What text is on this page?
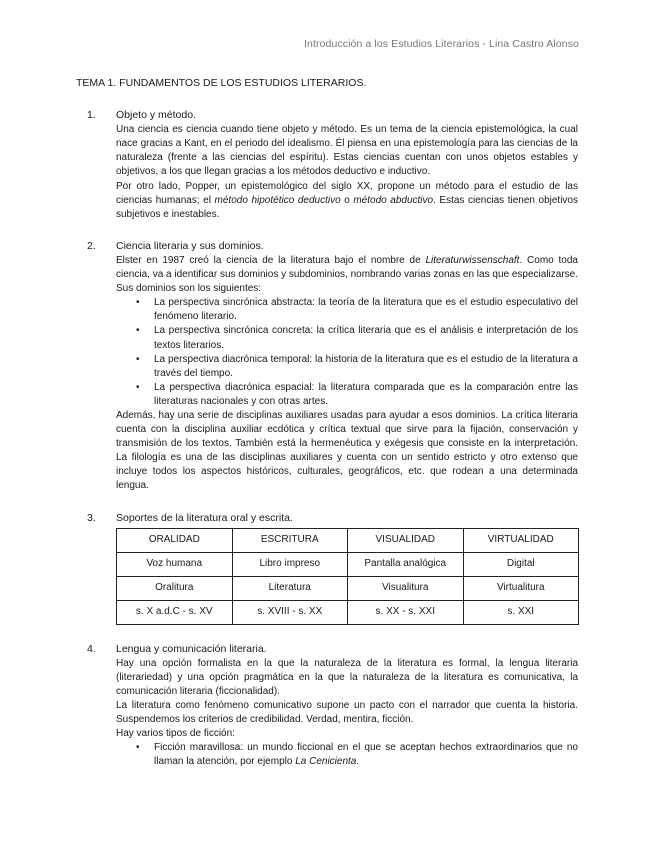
Introducción a los Estudios Literarios - Lina Castro Alonso
TEMA 1. FUNDAMENTOS DE LOS ESTUDIOS LITERARIOS.
1. Objeto y método.

Una ciencia es ciencia cuando tiene objeto y método. Es un tema de la ciencia epistemológica, la cual nace gracias a Kant, en el periodo del idealismo. Él piensa en una epistemología para las ciencias de la naturaleza (frente a las ciencias del espíritu). Estas ciencias cuentan con unos objetos estables y objetivos, a los que llegan gracias a los métodos deductivo e inductivo.

Por otro lado, Popper, un epistemológico del siglo XX, propone un método para el estudio de las ciencias humanas; el método hipotético deductivo o método abductivo. Estas ciencias tienen objetivos subjetivos e inestables.

2. Ciencia literaria y sus dominios.

Elster en 1987 creó la ciencia de la literatura bajo el nombre de Literaturwissenschaft. Como toda ciencia, va a identificar sus dominios y subdominios, nombrando varias zonas en las que especializarse. Sus dominios son los siguientes:

• La perspectiva sincrónica abstracta: la teoría de la literatura que es el estudio especulativo del fenómeno literario.
• La perspectiva sincrónica concreta: la crítica literaria que es el análisis e interpretación de los textos literarios.
• La perspectiva diacrónica temporal: la historia de la literatura que es el estudio de la literatura a través del tiempo.
• La perspectiva diacrónica espacial: la literatura comparada que es la comparación entre las literaturas nacionales y con otras artes.

Además, hay una serie de disciplinas auxiliares usadas para ayudar a esos dominios. La crítica literaria cuenta con la disciplina auxiliar ecdótica y crítica textual que sirve para la fijación, conservación y transmisión de los textos. También está la hermenéutica y exégesis que consiste en la interpretación. La filología es una de las disciplinas auxiliares y cuenta con un sentido estricto y otro extenso que incluye todos los aspectos históricos, culturales, geográficos, etc. que rodean a una determinada lengua.

3. Soportes de la literatura oral y escrita.
ORALIDAD	ESCRITURA	VISUALIDAD	VIRTUALIDAD
Voz humana	Libro impreso	Pantalla analógica	Digital
Oralitura	Literatura	Visualitura	Virtualitura
s. X a.d.C - s. XV	s. XVIII - s. XX	s. XX - s. XXI	s. XXI
4. Lengua y comunicación literaria.

Hay una opción formalista en la que la naturaleza de la literatura es formal, la lengua literaria (literariedad) y una opción pragmática en la que la naturaleza de la literatura es comunicativa, la comunicación literaria (ficcionalidad).

La literatura como fenómeno comunicativo supone un pacto con el narrador que cuenta la historia. Suspendemos los criterios de credibilidad. Verdad, mentira, ficción.

Hay varios tipos de ficción:

• Ficción maravillosa: un mundo ficcional en el que se aceptan hechos extraordinarios que no llaman la atención, por ejemplo La Cenicienta.
